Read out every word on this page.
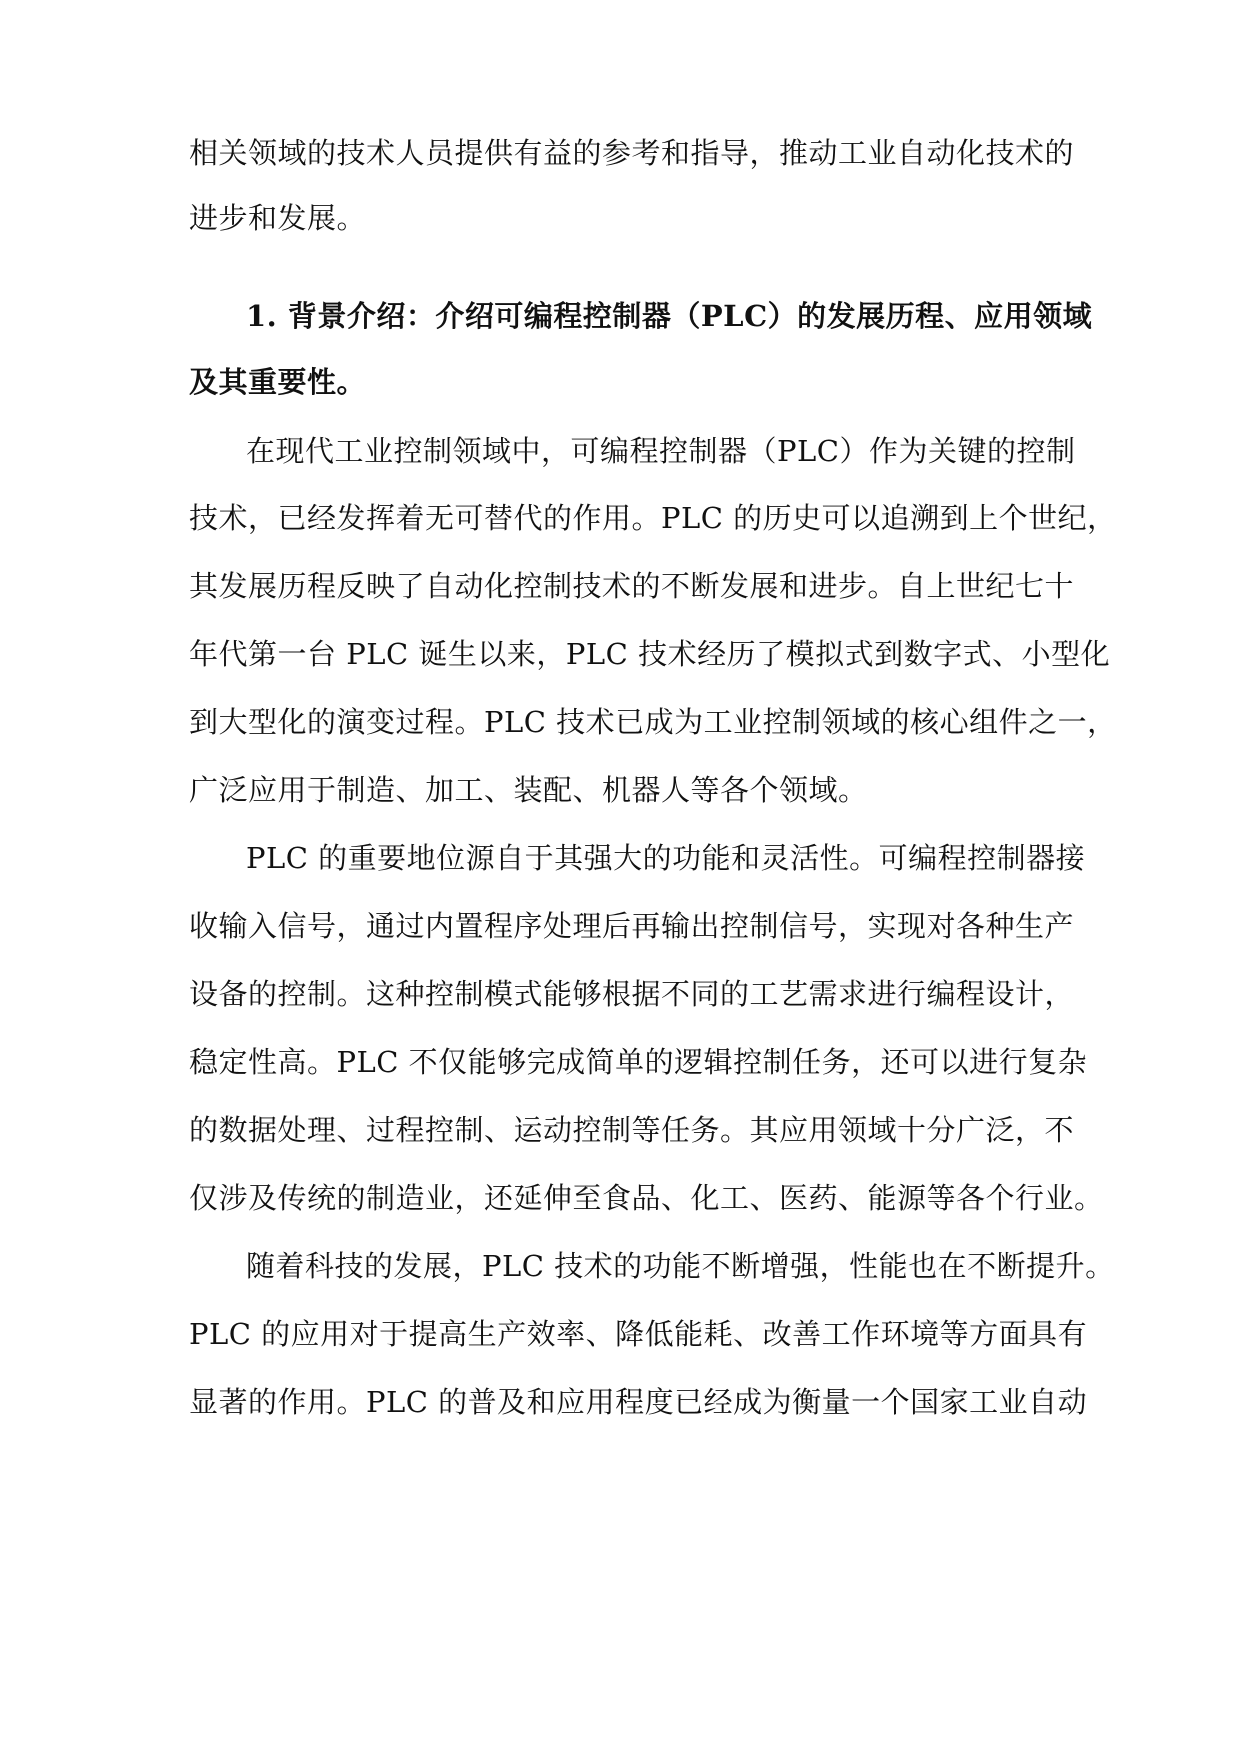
相关领域的技术人员提供有益的参考和指导，推动工业自动化技术的
进步和发展。
1. 背景介绍：介绍可编程控制器（PLC）的发展历程、应用领域
及其重要性。
在现代工业控制领域中，可编程控制器（PLC）作为关键的控制
技术，已经发挥着无可替代的作用。PLC 的历史可以追溯到上个世纪，
其发展历程反映了自动化控制技术的不断发展和进步。自上世纪七十
年代第一台 PLC 诞生以来，PLC 技术经历了模拟式到数字式、小型化
到大型化的演变过程。PLC 技术已成为工业控制领域的核心组件之一，
广泛应用于制造、加工、装配、机器人等各个领域。
PLC 的重要地位源自于其强大的功能和灵活性。可编程控制器接
收输入信号，通过内置程序处理后再输出控制信号，实现对各种生产
设备的控制。这种控制模式能够根据不同的工艺需求进行编程设计，
稳定性高。PLC 不仅能够完成简单的逻辑控制任务，还可以进行复杂
的数据处理、过程控制、运动控制等任务。其应用领域十分广泛，不
仅涉及传统的制造业，还延伸至食品、化工、医药、能源等各个行业。
随着科技的发展，PLC 技术的功能不断增强，性能也在不断提升。
PLC 的应用对于提高生产效率、降低能耗、改善工作环境等方面具有
显著的作用。PLC 的普及和应用程度已经成为衡量一个国家工业自动
